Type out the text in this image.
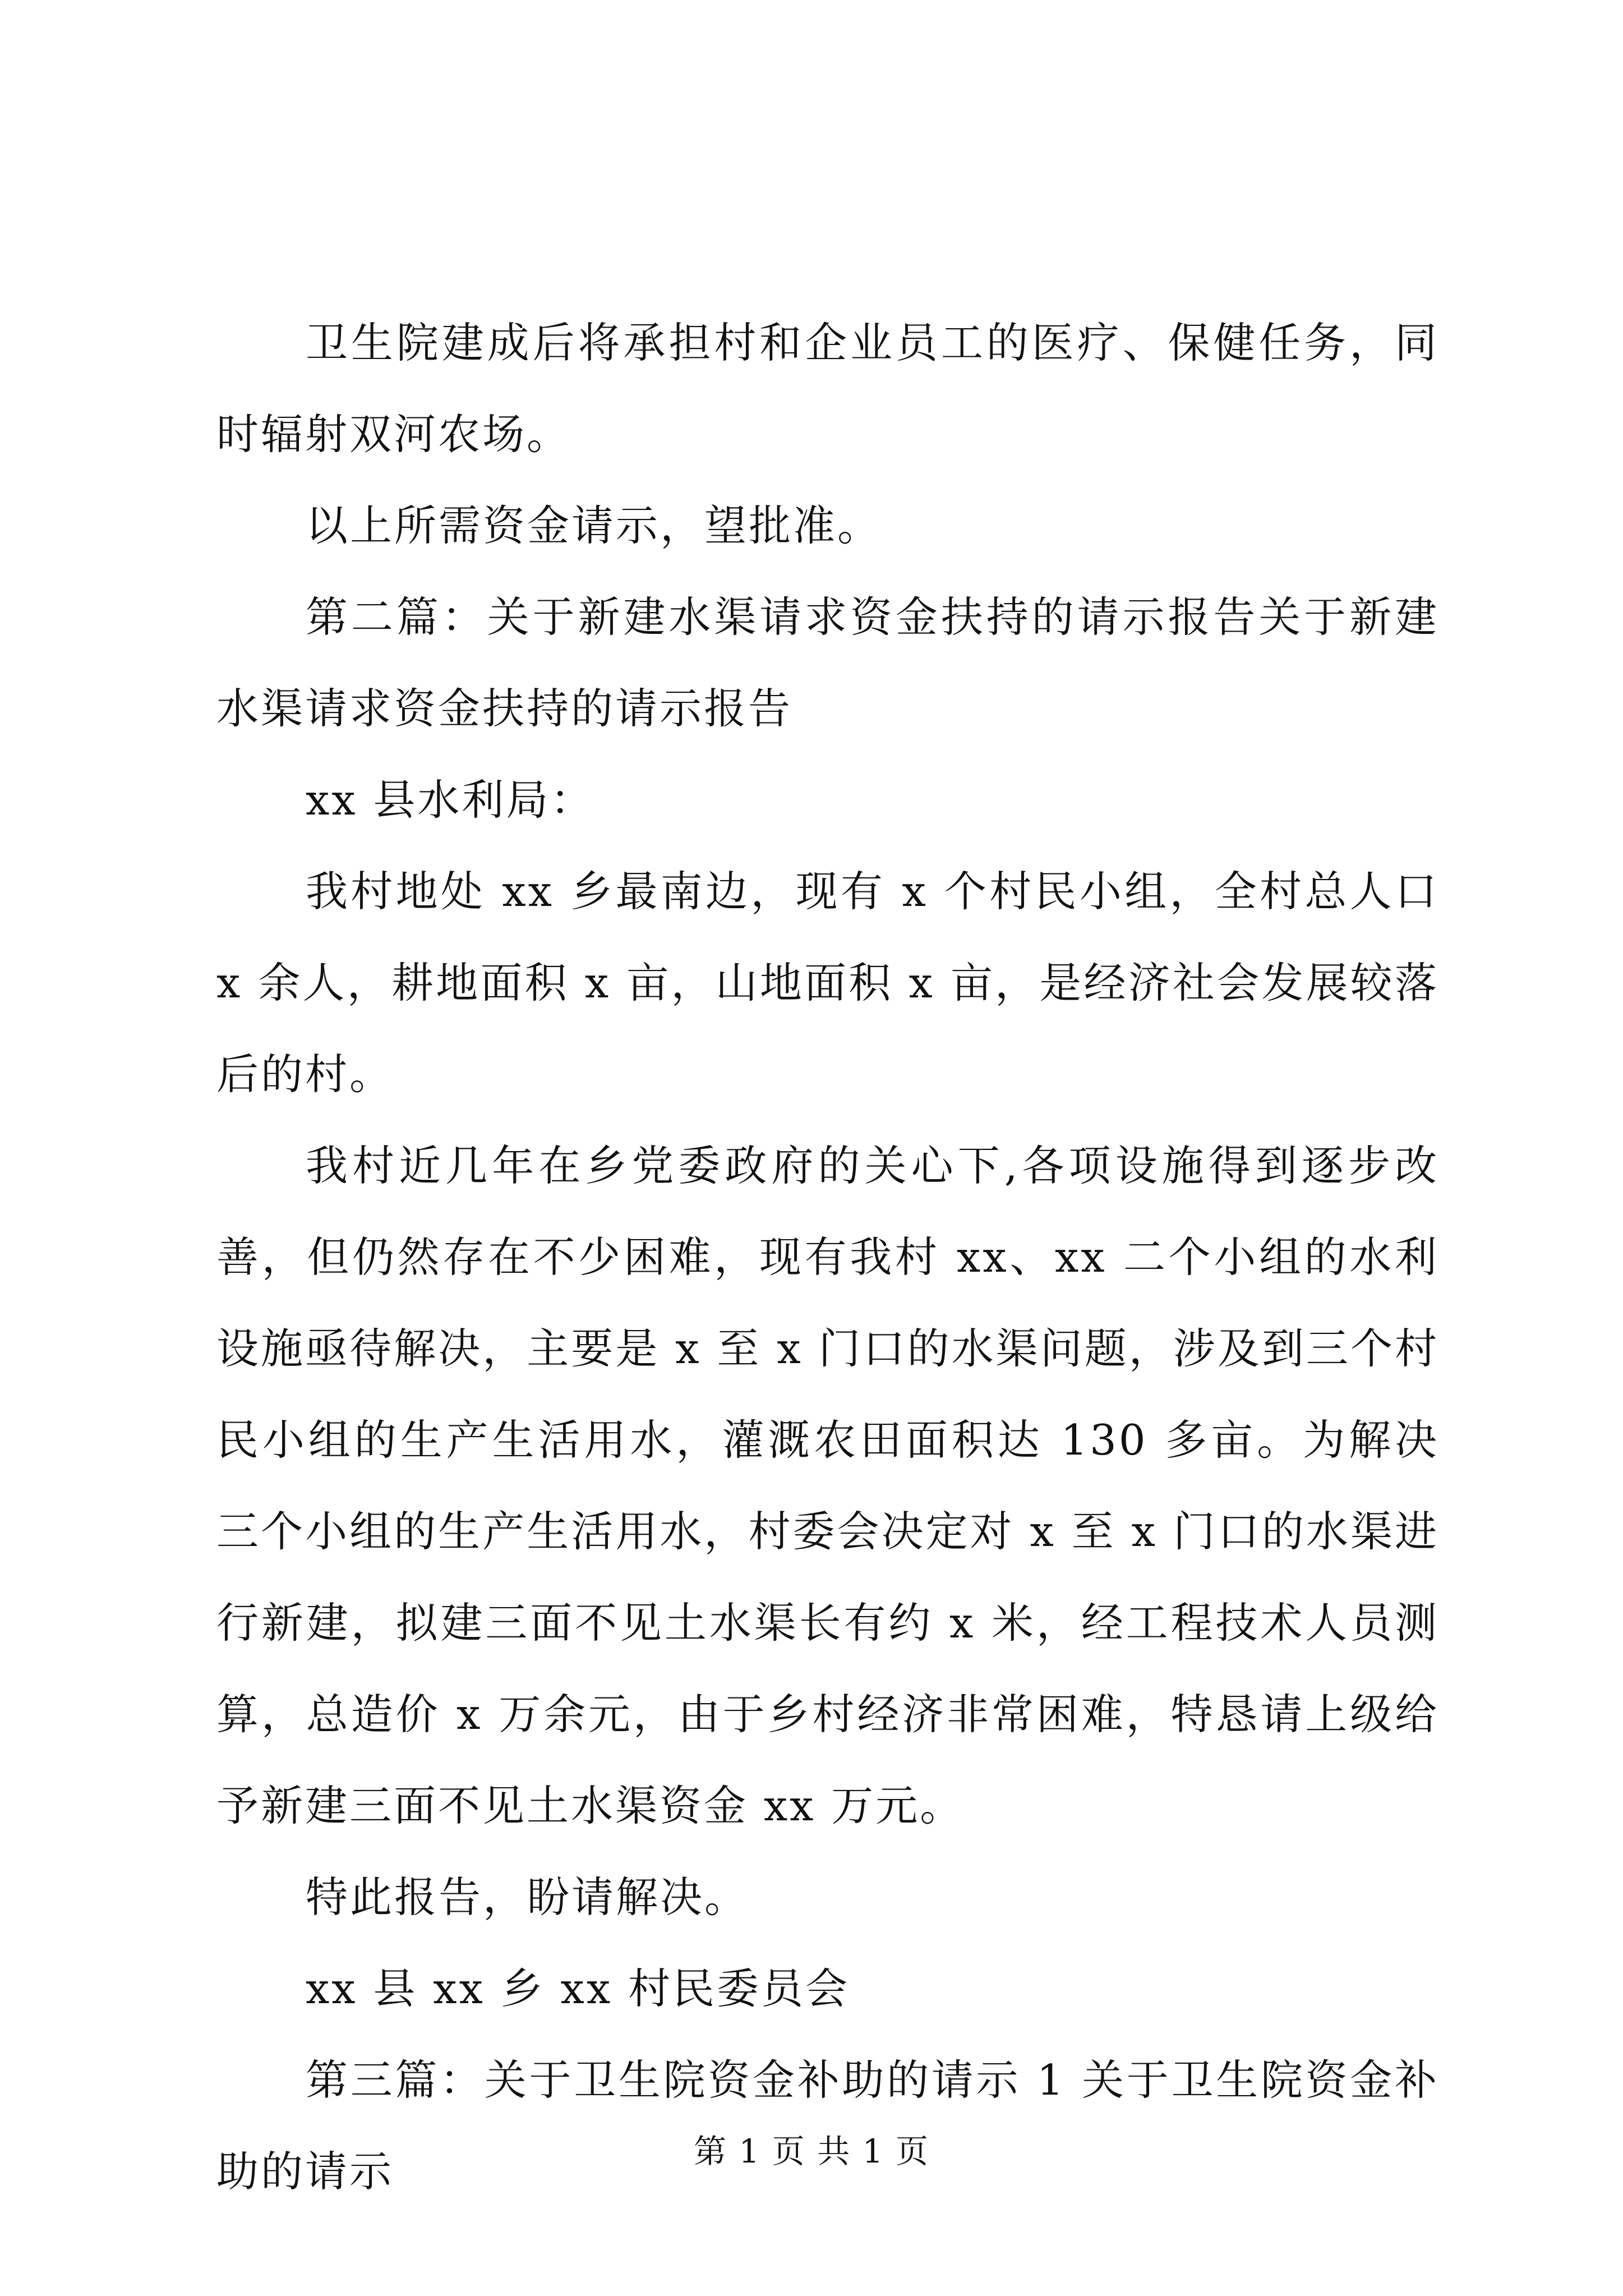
卫生院建成后将承担村和企业员工的医疗、保健任务，同时辐射双河农场。

以上所需资金请示，望批准。

第二篇：关于新建水渠请求资金扶持的请示报告关于新建水渠请求资金扶持的请示报告

xx 县水利局：

我村地处 xx 乡最南边，现有 x 个村民小组，全村总人口 x 余人，耕地面积 x 亩，山地面积 x 亩，是经济社会发展较落后的村。

我村近几年在乡党委政府的关心下,各项设施得到逐步改善，但仍然存在不少困难，现有我村 xx、xx 二个小组的水利设施亟待解决，主要是 x 至 x 门口的水渠问题，涉及到三个村民小组的生产生活用水，灌溉农田面积达 130 多亩。为解决三个小组的生产生活用水，村委会决定对 x 至 x 门口的水渠进行新建，拟建三面不见土水渠长有约 x 米，经工程技术人员测算，总造价 x 万余元，由于乡村经济非常困难，特恳请上级给予新建三面不见土水渠资金 xx 万元。

特此报告，盼请解决。

xx 县 xx 乡 xx 村民委员会

第三篇：关于卫生院资金补助的请示 1 关于卫生院资金补助的请示	第 1 页 共 1 页
